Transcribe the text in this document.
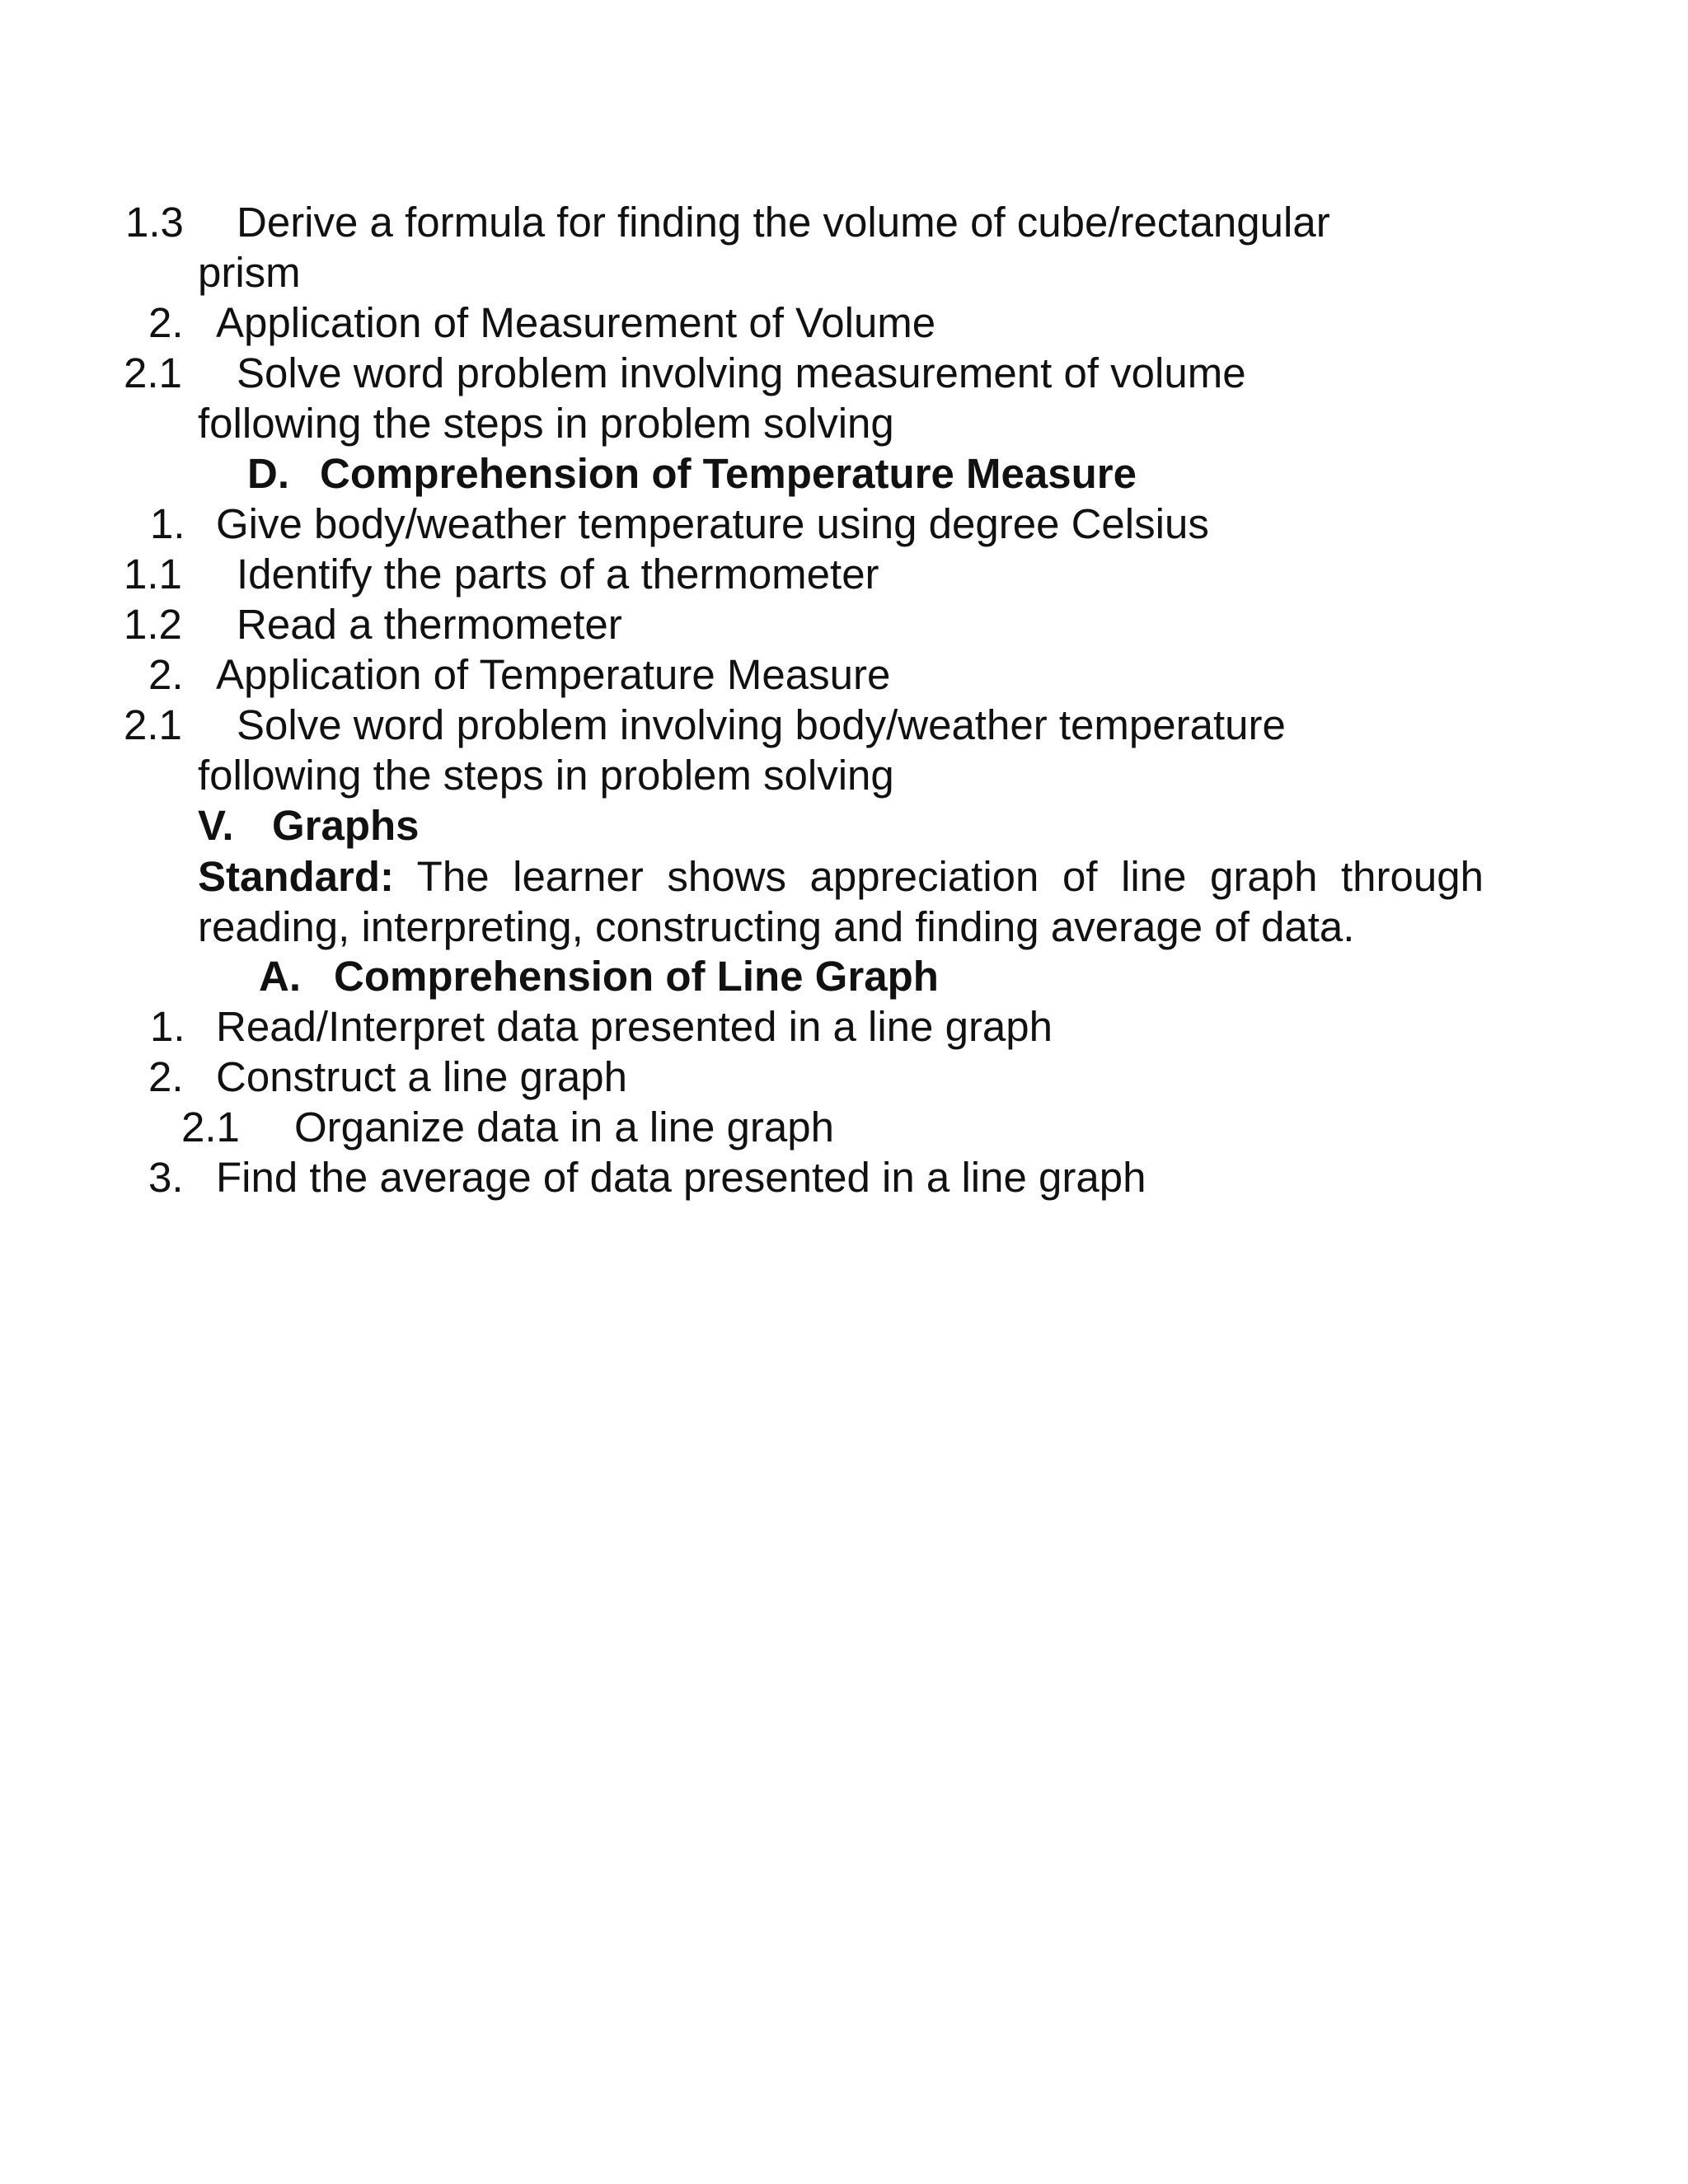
1.3 Derive a formula for finding the volume of cube/rectangular
prism
2. Application of Measurement of Volume
2.1 Solve word problem involving measurement of volume
following the steps in problem solving
D. Comprehension of Temperature Measure
1. Give body/weather temperature using degree Celsius
1.1 Identify the parts of a thermometer
1.2 Read a thermometer
2. Application of Temperature Measure
2.1 Solve word problem involving body/weather temperature
following the steps in problem solving
V. Graphs
Standard: The learner shows appreciation of line graph through reading, interpreting, constructing and finding average of data.
A. Comprehension of Line Graph
1. Read/Interpret data presented in a line graph
2. Construct a line graph
2.1 Organize data in a line graph
3. Find the average of data presented in a line graph
